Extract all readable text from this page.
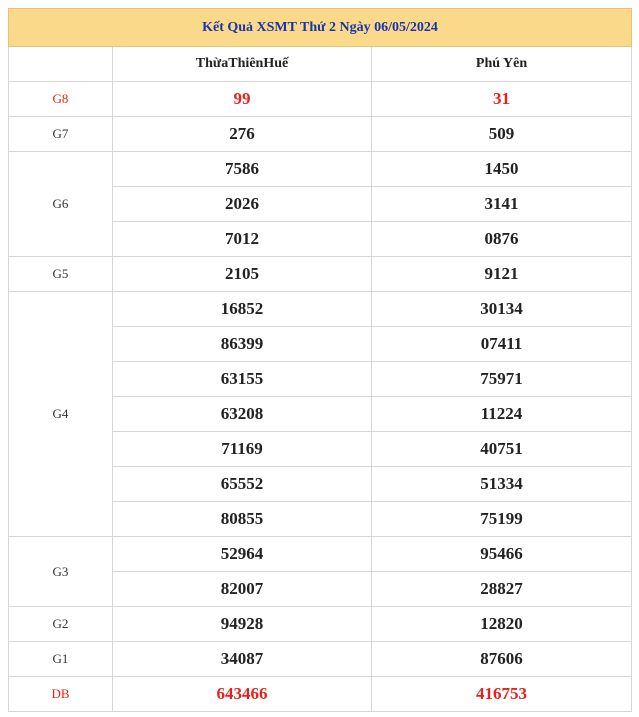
Kết Quả XSMT Thứ 2 Ngày 06/05/2024		
	ThừaThiênHuế	Phú Yên
G8	99	31
G7	276	509
G6	7586	1450
	2026	3141
	7012	0876
G5	2105	9121
G4	16852	30134
	86399	07411
	63155	75971
	63208	11224
	71169	40751
	65552	51334
	80855	75199
G3	52964	95466
	82007	28827
G2	94928	12820
G1	34087	87606
DB	643466	416753
